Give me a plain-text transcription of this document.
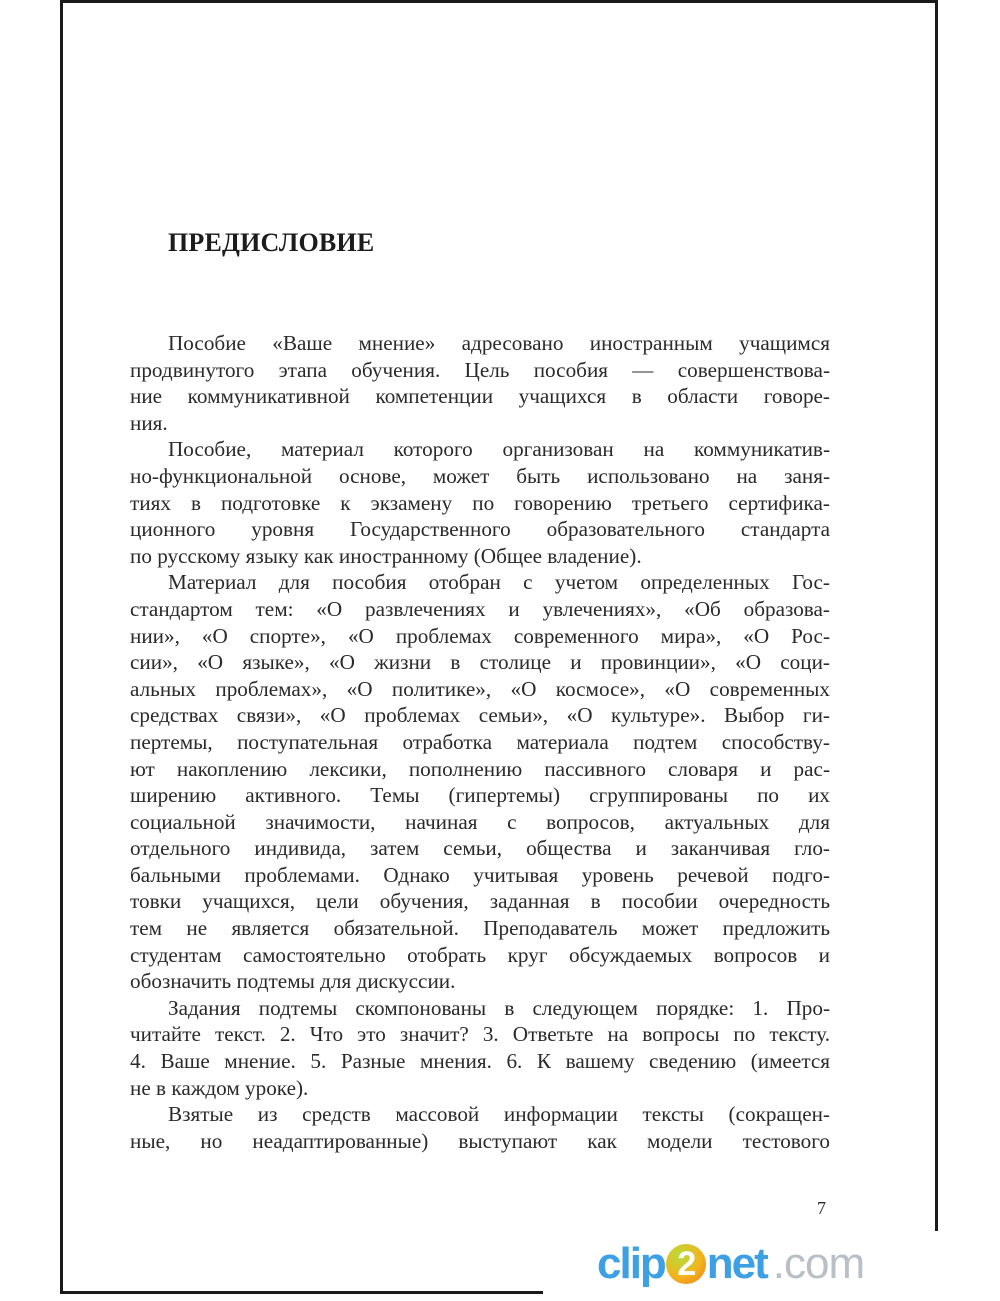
ПРЕДИСЛОВИЕ
Пособие «Ваше мнение» адресовано иностранным учащимся
продвинутого этапа обучения. Цель пособия — совершенствова-
ние коммуникативной компетенции учащихся в области говоре-
ния.
Пособие, материал которого организован на коммуникатив-
но-функциональной основе, может быть использовано на заня-
тиях в подготовке к экзамену по говорению третьего сертифика-
ционного уровня Государственного образовательного стандарта
по русскому языку как иностранному (Общее владение).
Материал для пособия отобран с учетом определенных Гос-
стандартом тем: «О развлечениях и увлечениях», «Об образова-
нии», «О спорте», «О проблемах современного мира», «О Рос-
сии», «О языке», «О жизни в столице и провинции», «О соци-
альных проблемах», «О политике», «О космосе», «О современных
средствах связи», «О проблемах семьи», «О культуре». Выбор ги-
пертемы, поступательная отработка материала подтем способству-
ют накоплению лексики, пополнению пассивного словаря и рас-
ширению активного. Темы (гипертемы) сгруппированы по их
социальной значимости, начиная с вопросов, актуальных для
отдельного индивида, затем семьи, общества и заканчивая гло-
бальными проблемами. Однако учитывая уровень речевой подго-
товки учащихся, цели обучения, заданная в пособии очередность
тем не является обязательной. Преподаватель может предложить
студентам самостоятельно отобрать круг обсуждаемых вопросов и
обозначить подтемы для дискуссии.
Задания подтемы скомпонованы в следующем порядке: 1. Про-
читайте текст. 2. Что это значит? 3. Ответьте на вопросы по тексту.
4. Ваше мнение. 5. Разные мнения. 6. К вашему сведению (имеется
не в каждом уроке).
Взятые из средств массовой информации тексты (сокращен-
ные, но неадаптированные) выступают как модели тестового
7
clip 2 net .com
